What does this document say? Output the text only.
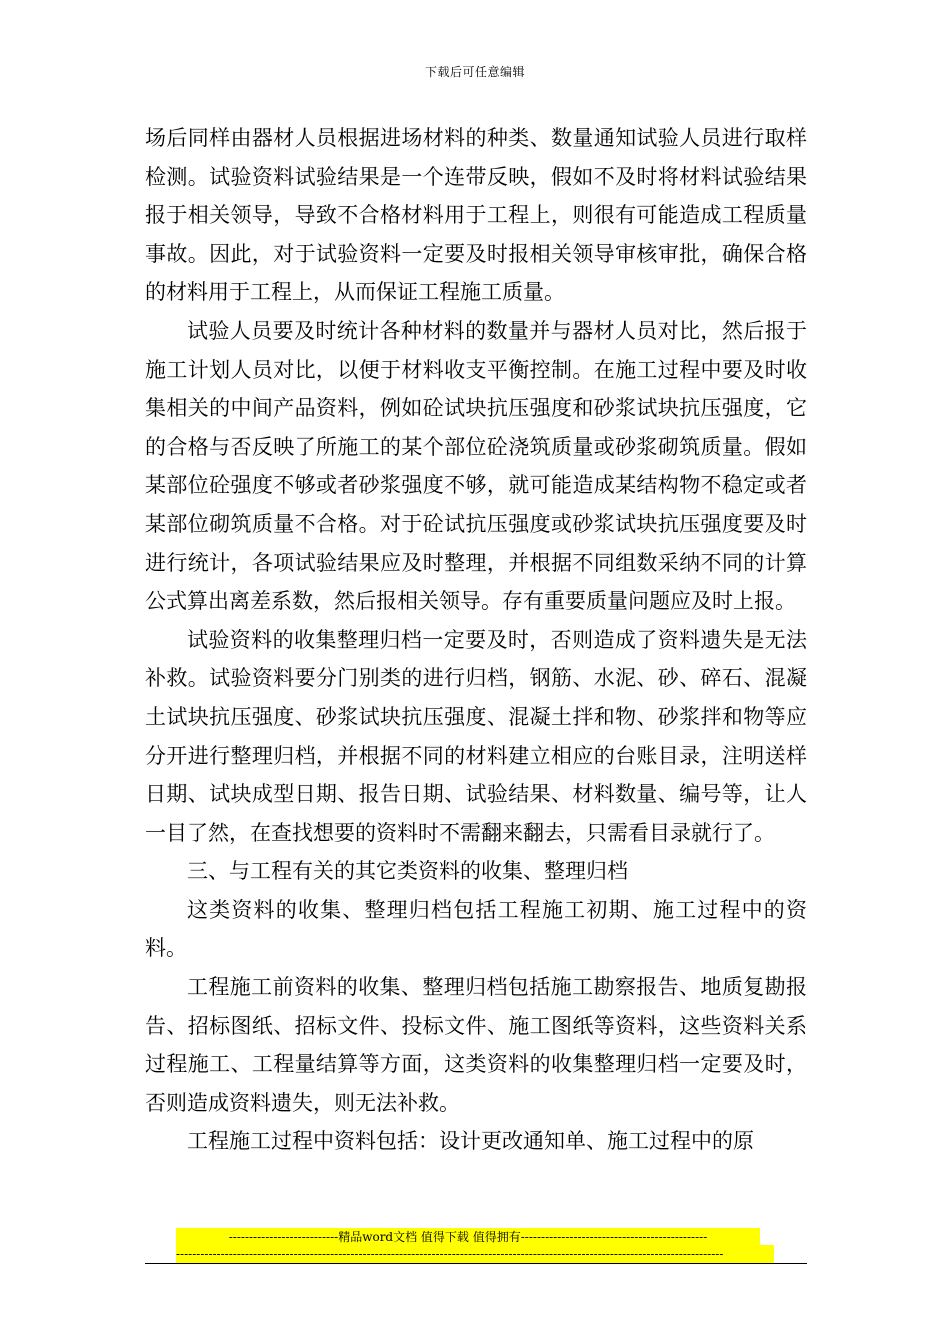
下载后可任意编辑

场后同样由器材人员根据进场材料的种类、数量通知试验人员进行取样检测。试验资料试验结果是一个连带反映，假如不及时将材料试验结果报于相关领导，导致不合格材料用于工程上，则很有可能造成工程质量事故。因此，对于试验资料一定要及时报相关领导审核审批，确保合格的材料用于工程上，从而保证工程施工质量。

试验人员要及时统计各种材料的数量并与器材人员对比，然后报于施工计划人员对比，以便于材料收支平衡控制。在施工过程中要及时收集相关的中间产品资料，例如砼试块抗压强度和砂浆试块抗压强度，它的合格与否反映了所施工的某个部位砼浇筑质量或砂浆砌筑质量。假如某部位砼强度不够或者砂浆强度不够，就可能造成某结构物不稳定或者某部位砌筑质量不合格。对于砼试抗压强度或砂浆试块抗压强度要及时进行统计，各项试验结果应及时整理，并根据不同组数采纳不同的计算公式算出离差系数，然后报相关领导。存有重要质量问题应及时上报。

试验资料的收集整理归档一定要及时，否则造成了资料遗失是无法补救。试验资料要分门别类的进行归档，钢筋、水泥、砂、碎石、混凝土试块抗压强度、砂浆试块抗压强度、混凝土拌和物、砂浆拌和物等应分开进行整理归档，并根据不同的材料建立相应的台账目录，注明送样日期、试块成型日期、报告日期、试验结果、材料数量、编号等，让人一目了然，在查找想要的资料时不需翻来翻去，只需看目录就行了。

三、与工程有关的其它类资料的收集、整理归档

这类资料的收集、整理归档包括工程施工初期、施工过程中的资料。

工程施工前资料的收集、整理归档包括施工勘察报告、地质复勘报告、招标图纸、招标文件、投标文件、施工图纸等资料，这些资料关系过程施工、工程量结算等方面，这类资料的收集整理归档一定要及时，否则造成资料遗失，则无法补救。

工程施工过程中资料包括：设计更改通知单、施工过程中的原

---------------------------精品word文档 值得下载 值得拥有----------------------------------------------
---------------------------------------------------------------------------------------------------------------------------------------
